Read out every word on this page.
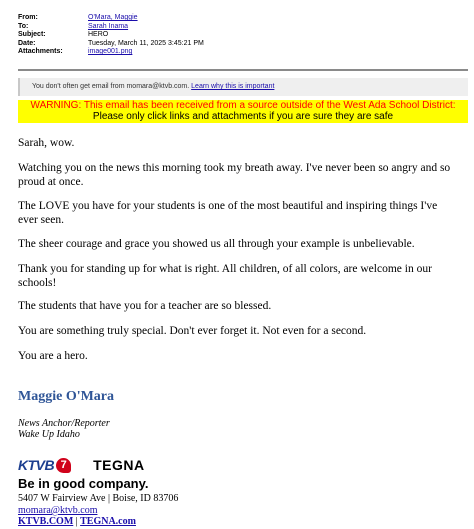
From:	O'Mara, Maggie
To:	Sarah Inama
Subject:	HERO
Date:	Tuesday, March 11, 2025 3:45:21 PM
Attachments:	image001.png
You don't often get email from momara@ktvb.com. Learn why this is important
WARNING: This email has been received from a source outside of the West Ada School District:
Please only click links and attachments if you are sure they are safe
Sarah, wow.
Watching you on the news this morning took my breath away. I've never been so angry and so proud at once.
The LOVE you have for your students is one of the most beautiful and inspiring things I've ever seen.
The sheer courage and grace you showed us all through your example is unbelievable.
Thank you for standing up for what is right. All children, of all colors, are welcome in our schools!
The students that have you for a teacher are so blessed.
You are something truly special. Don't ever forget it. Not even for a second.
You are a hero.
Maggie O'Mara
News Anchor/Reporter
Wake Up Idaho
KTVB 7	TEGNA
Be in good company.
5407 W Fairview Ave | Boise, ID 83706
momara@ktvb.com
KTVB.COM | TEGNA.com
